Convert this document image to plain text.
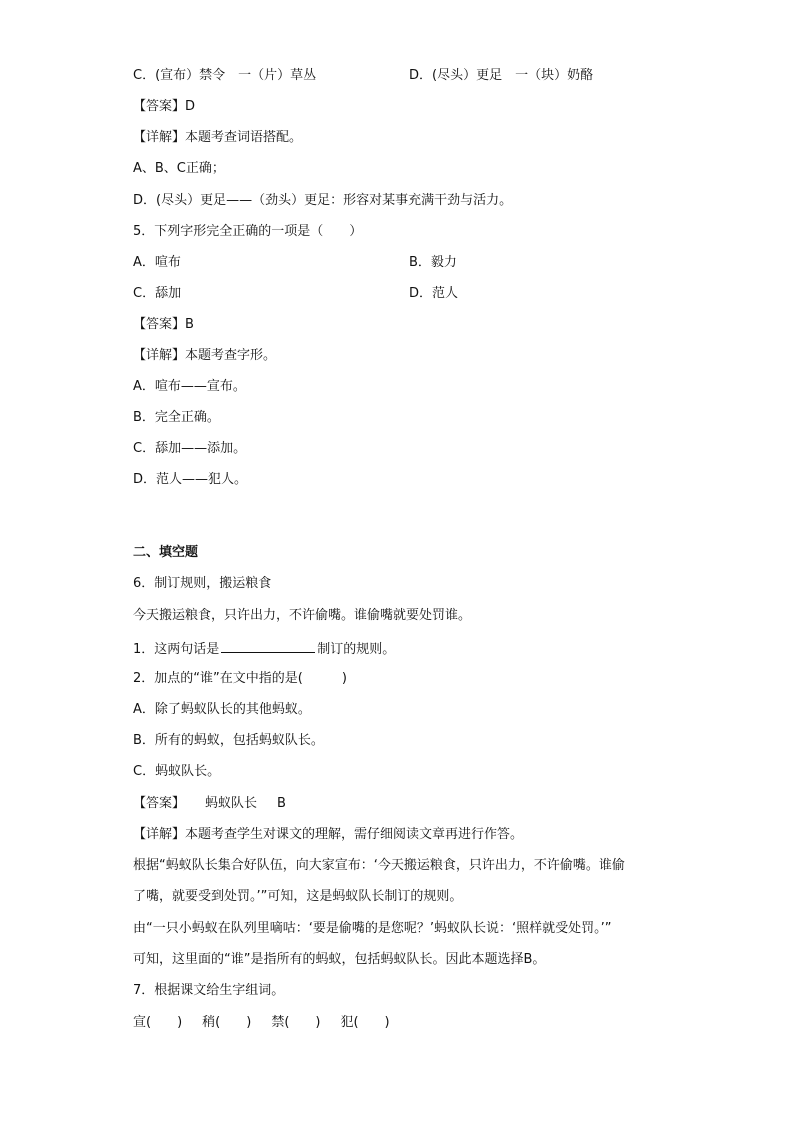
C．(宣布）禁令　一（片）草丛	D．(尽头）更足　一（块）奶酪
【答案】D
【详解】本题考查词语搭配。
A、B、C正确；
D．(尽头）更足——（劲头）更足：形容对某事充满干劲与活力。
5．下列字形完全正确的一项是（　　）
A．喧布	B．毅力
C．舔加	D．范人
【答案】B
【详解】本题考查字形。
A．喧布——宣布。
B．完全正确。
C．舔加——添加。
D．范人——犯人。
二、填空题
6．制订规则，搬运粮食
今天搬运粮食，只许出力，不许偷嘴。谁偷嘴就要处罚谁。
1．这两句话是	制订的规则。
2．加点的“谁”在文中指的是(　　　)
A．除了蚂蚁队长的其他蚂蚁。
B．所有的蚂蚁，包括蚂蚁队长。
C．蚂蚁队长。
【答案】 蚂蚁队长 B
【详解】本题考查学生对课文的理解，需仔细阅读文章再进行作答。
根据“蚂蚁队长集合好队伍，向大家宣布：‘今天搬运粮食，只许出力，不许偷嘴。谁偷
了嘴，就要受到处罚。’”可知，这是蚂蚁队长制订的规则。
由“一只小蚂蚁在队列里嘀咕：‘要是偷嘴的是您呢？’蚂蚁队长说：‘照样就受处罚。’”
可知，这里面的“谁”是指所有的蚂蚁，包括蚂蚁队长。因此本题选择B。
7．根据课文给生字组词。
宣(　　) 稍(　　) 禁(　　) 犯(　　)
